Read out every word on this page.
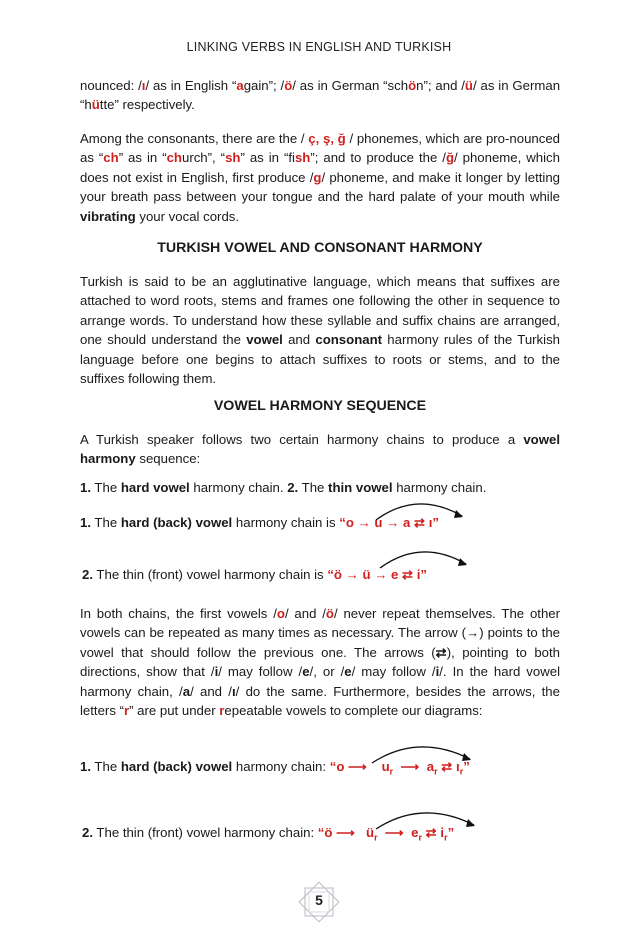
LINKING VERBS IN ENGLISH AND TURKISH

nounced: /ı/ as in English “again”; /ö/ as in German “schön”; and /ü/ as in German “hütte” respectively.

Among the consonants, there are the / ç, ş, ğ / phonemes, which are pro-nounced as “ch” as in “church”, “sh” as in “fish”; and to produce the /ğ/ phoneme, which does not exist in English, first produce /g/ phoneme, and make it longer by letting your breath pass between your tongue and the hard palate of your mouth while vibrating your vocal cords.

TURKISH VOWEL AND CONSONANT HARMONY

Turkish is said to be an agglutinative language, which means that suffixes are attached to word roots, stems and frames one following the other in sequence to arrange words. To understand how these syllable and suffix chains are arranged, one should understand the vowel and consonant harmony rules of the Turkish language before one begins to attach suffixes to roots or stems, and to the suffixes following them.

VOWEL HARMONY SEQUENCE

A Turkish speaker follows two certain harmony chains to produce a vowel harmony sequence:

1. The hard vowel harmony chain. 2. The thin vowel harmony chain.

1. The hard (back) vowel harmony chain is “o → u → a ⇄ ı”
2. The thin (front) vowel harmony chain is “ö → ü → e ⇄ i”

In both chains, the first vowels /o/ and /ö/ never repeat themselves. The other vowels can be repeated as many times as necessary. The arrow (→) points to the vowel that should follow the previous one. The arrows (⇄), pointing to both directions, show that /i/ may follow /e/, or /e/ may follow /i/. In the hard vowel harmony chain, /a/ and /ı/ do the same. Furthermore, besides the arrows, the letters “r” are put under repeatable vowels to complete our diagrams:

1. The hard (back) vowel harmony chain: “o ⟶ $u_r$ ⟶ $a_r$ ⇄ $ı_r$”
2. The thin (front) vowel harmony chain: “ö ⟶ $ü_r$ ⟶ $e_r$ ⇄ $i_r$”
5
